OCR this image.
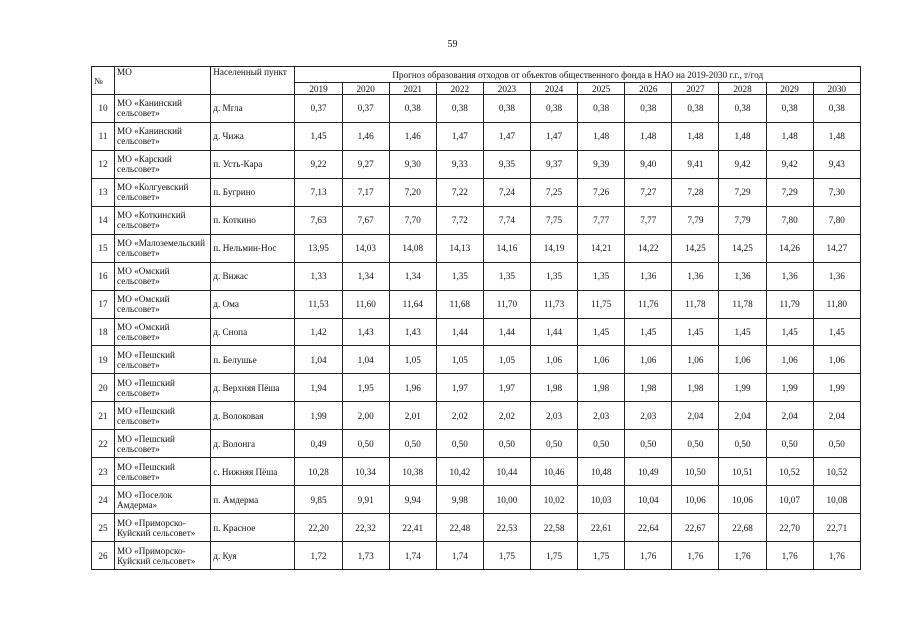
59
№	МО	Населенный пункт	Прогноз образования отходов от объектов общественного фонда в НАО на 2019-2030 г.г., т/год											
			2019	2020	2021	2022	2023	2024	2025	2026	2027	2028	2029	2030
10	МО «Канинский сельсовет»	д. Мгла	0,37	0,37	0,38	0,38	0,38	0,38	0,38	0,38	0,38	0,38	0,38	0,38
11	МО «Канинский сельсовет»	д. Чижа	1,45	1,46	1,46	1,47	1,47	1,47	1,48	1,48	1,48	1,48	1,48	1,48
12	МО «Карский сельсовет»	п. Усть-Кара	9,22	9,27	9,30	9,33	9,35	9,37	9,39	9,40	9,41	9,42	9,42	9,43
13	МО «Колгуевский сельсовет»	п. Бугрино	7,13	7,17	7,20	7,22	7,24	7,25	7,26	7,27	7,28	7,29	7,29	7,30
14	МО «Коткинский сельсовет»	п. Коткино	7,63	7,67	7,70	7,72	7,74	7,75	7,77	7,77	7,79	7,79	7,80	7,80
15	МО «Малоземельский сельсовет»	п. Нельмин-Нос	13,95	14,03	14,08	14,13	14,16	14,19	14,21	14,22	14,25	14,25	14,26	14,27
16	МО «Омский сельсовет»	д. Вижас	1,33	1,34	1,34	1,35	1,35	1,35	1,35	1,36	1,36	1,36	1,36	1,36
17	МО «Омский сельсовет»	д. Ома	11,53	11,60	11,64	11,68	11,70	11,73	11,75	11,76	11,78	11,78	11,79	11,80
18	МО «Омский сельсовет»	д. Снопа	1,42	1,43	1,43	1,44	1,44	1,44	1,45	1,45	1,45	1,45	1,45	1,45
19	МО «Пешский сельсовет»	п. Белушье	1,04	1,04	1,05	1,05	1,05	1,06	1,06	1,06	1,06	1,06	1,06	1,06
20	МО «Пешский сельсовет»	д. Верхняя Пёша	1,94	1,95	1,96	1,97	1,97	1,98	1,98	1,98	1,98	1,99	1,99	1,99
21	МО «Пешский сельсовет»	д. Волоковая	1,99	2,00	2,01	2,02	2,02	2,03	2,03	2,03	2,04	2,04	2,04	2,04
22	МО «Пешский сельсовет»	д. Волонга	0,49	0,50	0,50	0,50	0,50	0,50	0,50	0,50	0,50	0,50	0,50	0,50
23	МО «Пешский сельсовет»	с. Нижняя Пёша	10,28	10,34	10,38	10,42	10,44	10,46	10,48	10,49	10,50	10,51	10,52	10,52
24	МО «Поселок Амдерма»	п. Амдерма	9,85	9,91	9,94	9,98	10,00	10,02	10,03	10,04	10,06	10,06	10,07	10,08
25	МО «Приморско-Куйский сельсовет»	п. Красное	22,20	22,32	22,41	22,48	22,53	22,58	22,61	22,64	22,67	22,68	22,70	22,71
26	МО «Приморско-Куйский сельсовет»	д. Куя	1,72	1,73	1,74	1,74	1,75	1,75	1,75	1,76	1,76	1,76	1,76	1,76
